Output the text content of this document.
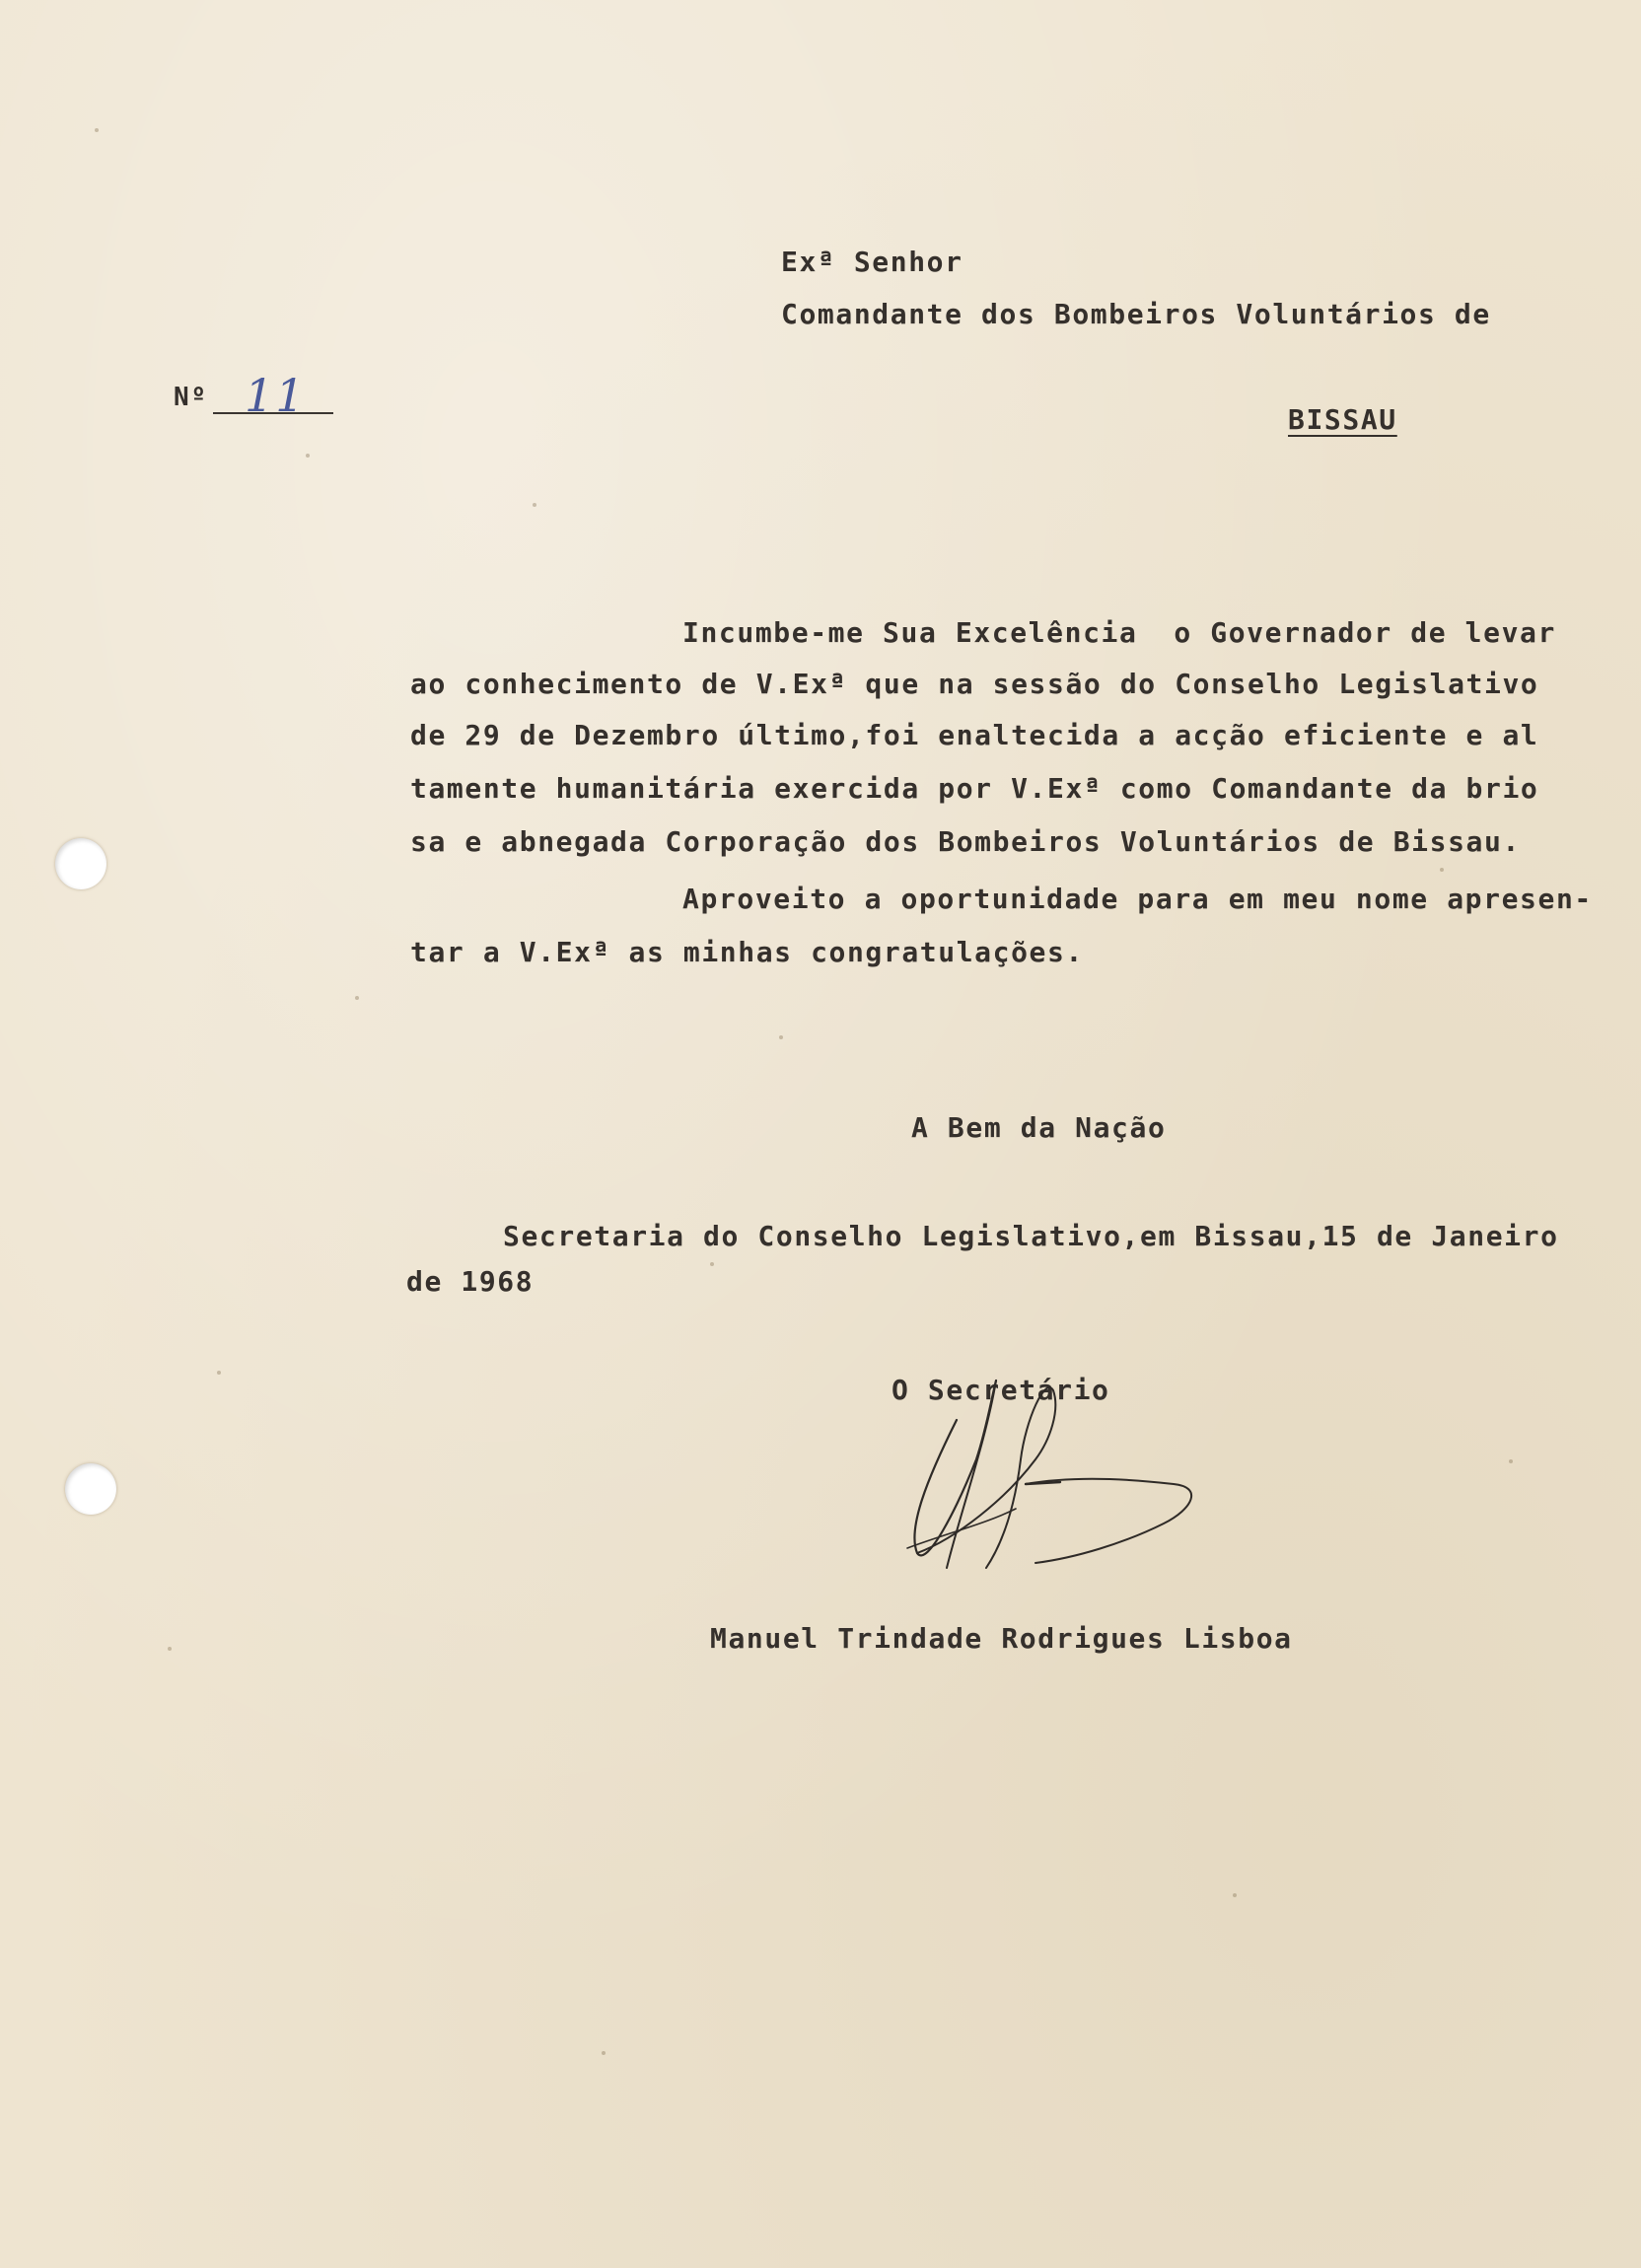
Exª Senhor
Comandante dos Bombeiros Voluntários de
BISSAU
Nº 11
Incumbe-me Sua Excelência  o Governador de levar
ao conhecimento de V.Exª que na sessão do Conselho Legislativo
de 29 de Dezembro último,foi enaltecida a acção eficiente e al
tamente humanitária exercida por V.Exª como Comandante da brio
sa e abnegada Corporação dos Bombeiros Voluntários de Bissau.
Aproveito a oportunidade para em meu nome apresen-
tar a V.Exª as minhas congratulações.
A Bem da Nação
Secretaria do Conselho Legislativo,em Bissau,15 de Janeiro
de 1968
O Secretário
Manuel Trindade Rodrigues Lisboa
